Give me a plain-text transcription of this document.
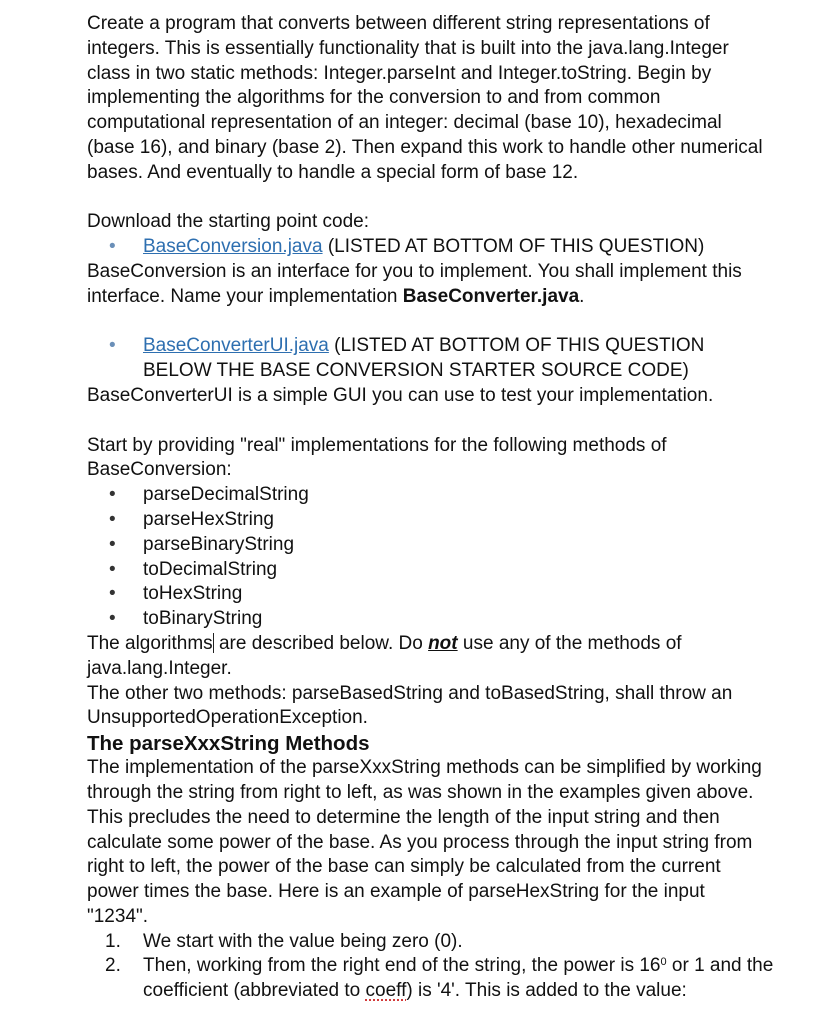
Create a program that converts between different string representations of

integers. This is essentially functionality that is built into the java.lang.Integer

class in two static methods: Integer.parseInt and Integer.toString. Begin by

implementing the algorithms for the conversion to and from common

computational representation of an integer: decimal (base 10), hexadecimal

(base 16), and binary (base 2). Then expand this work to handle other numerical

bases. And eventually to handle a special form of base 12.

Download the starting point code:

•	BaseConversion.java (LISTED AT BOTTOM OF THIS QUESTION)

BaseConversion is an interface for you to implement. You shall implement this

interface. Name your implementation BaseConverter.java.

•	BaseConverterUI.java (LISTED AT BOTTOM OF THIS QUESTION
BELOW THE BASE CONVERSION STARTER SOURCE CODE)

BaseConverterUI is a simple GUI you can use to test your implementation.

Start by providing "real" implementations for the following methods of

BaseConversion:

•	parseDecimalString
•	parseHexString
•	parseBinaryString
•	toDecimalString
•	toHexString
•	toBinaryString

The algorithms are described below. Do not use any of the methods of

java.lang.Integer.

The other two methods: parseBasedString and toBasedString, shall throw an

UnsupportedOperationException.

The parseXxxString Methods

The implementation of the parseXxxString methods can be simplified by working

through the string from right to left, as was shown in the examples given above.

This precludes the need to determine the length of the input string and then

calculate some power of the base. As you process through the input string from

right to left, the power of the base can simply be calculated from the current

power times the base. Here is an example of parseHexString for the input

"1234".

1.	We start with the value being zero (0).
2.	Then, working from the right end of the string, the power is $16^0$ or 1 and the
coefficient (abbreviated to coeff) is '4'. This is added to the value:
